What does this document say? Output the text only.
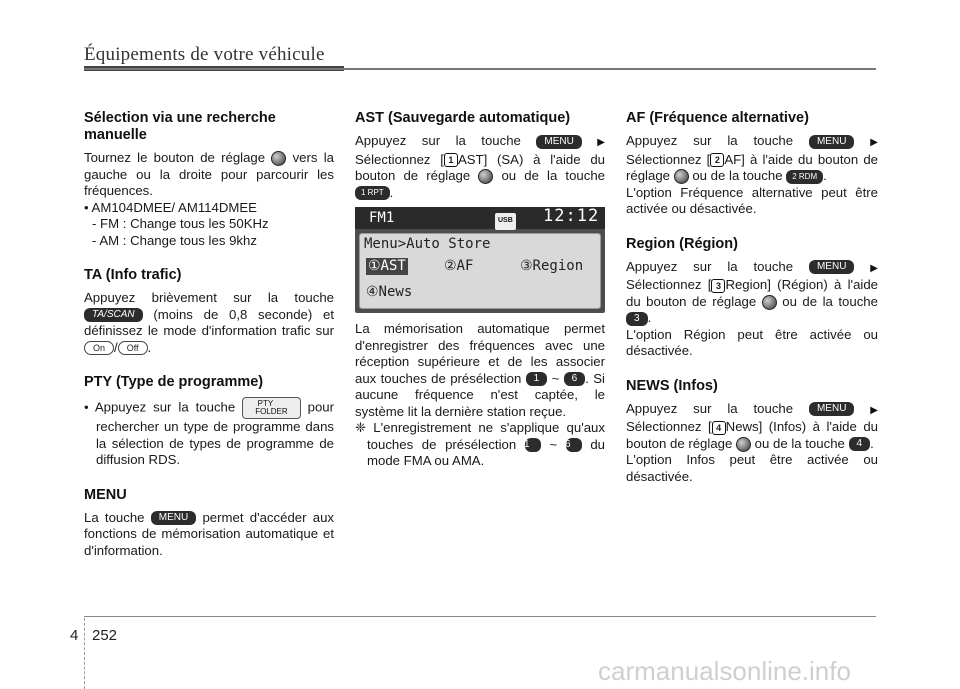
Équipements de votre véhicule
Sélection via une recherche manuelle

Tournez le bouton de réglage vers la gauche ou la droite pour parcourir les fréquences.

• AM104DMEE/ AM114DMEE

- FM : Change tous les 50KHz

- AM : Change tous les 9khz

TA (Info trafic)

Appuyez brièvement sur la touche TA/SCAN (moins de 0,8 seconde) et définissez le mode d'information trafic sur On / Off .

PTY (Type de programme)

• Appuyez sur la touche	PTY
FOLDER pour rechercher un type de programme dans la sélection de types de programme de diffusion RDS.

MENU

La touche MENU permet d'accéder aux fonctions de mémorisation automatique et d'information.

AST (Sauvegarde automatique)

Appuyez sur la touche MENU ▶ Sélectionnez [ 1 AST] (SA) à l'aide du bouton de réglage ou de la touche 1 RPT .

FM1	USB 12:12
Menu>Auto Store
①AST	②AF	③Region
④News

La mémorisation automatique permet d'enregistrer des fréquences avec une réception supérieure et de les associer aux touches de présélection 1 ~ 6 . Si aucune fréquence n'est captée, le système lit la dernière station reçue.

❈ L'enregistrement ne s'applique qu'aux touches de présélection 1 ~ 6 du mode FMA ou AMA.

AF (Fréquence alternative)

Appuyez sur la touche MENU ▶ Sélectionnez [ 2 AF] à l'aide du bouton de réglage ou de la touche 2 RDM .

L'option Fréquence alternative peut être activée ou désactivée.

Region (Région)

Appuyez sur la touche MENU ▶ Sélectionnez [ 3 Region] (Région) à l'aide du bouton de réglage ou de la touche 3 .

L'option Région peut être activée ou désactivée.

NEWS (Infos)

Appuyez sur la touche MENU ▶ Sélectionnez [ 4 News] (Infos) à l'aide du bouton de réglage ou de la touche 4 .

L'option Infos peut être activée ou désactivée.

4 252
carmanualsonline.info
